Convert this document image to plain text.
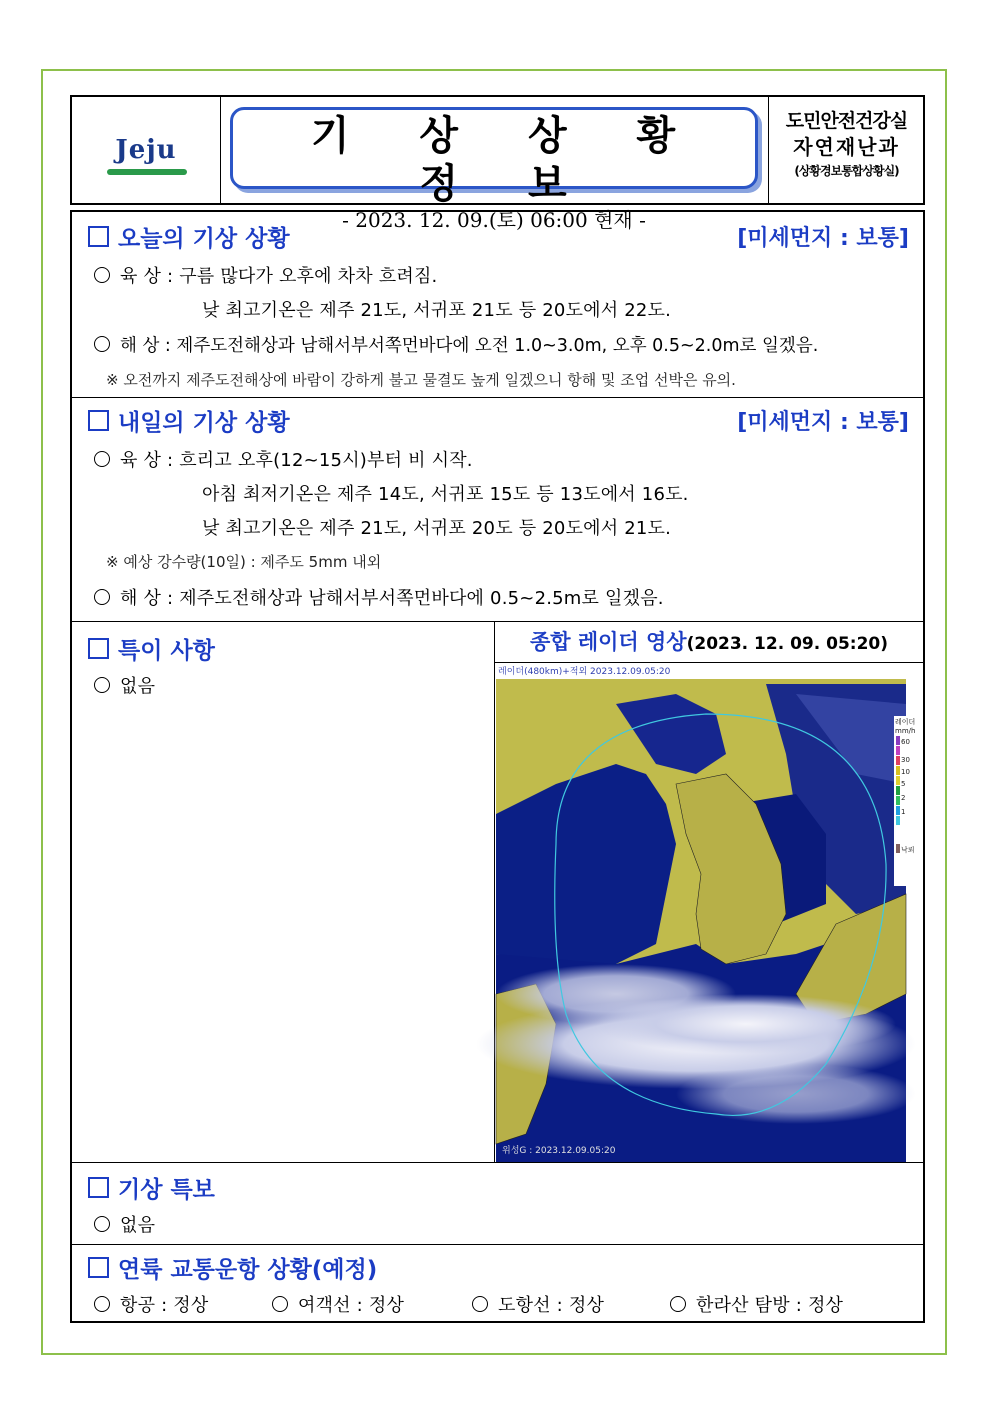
Jeju	기 상 상 황 정 보
- 2023. 12. 09.(토) 06:00 현재 -
도민안전건강실
자연재난과
(상황경보통합상황실)
오늘의 기상 상황	[미세먼지 : 보통]
육 상 : 구름 많다가 오후에 차차 흐려짐.
낮 최고기온은 제주 21도, 서귀포 21도 등 20도에서 22도.
해 상 : 제주도전해상과 남해서부서쪽먼바다에 오전 1.0~3.0m, 오후 0.5~2.0m로 일겠음.
※ 오전까지 제주도전해상에 바람이 강하게 불고 물결도 높게 일겠으니 항해 및 조업 선박은 유의.
내일의 기상 상황	[미세먼지 : 보통]
육 상 : 흐리고 오후(12~15시)부터 비 시작.
아침 최저기온은 제주 14도, 서귀포 15도 등 13도에서 16도.
낮 최고기온은 제주 21도, 서귀포 20도 등 20도에서 21도.
※ 예상 강수량(10일) : 제주도 5mm 내외
해 상 : 제주도전해상과 남해서부서쪽먼바다에 0.5~2.5m로 일겠음.
특이 사항
없음
종합 레이더 영상(2023. 12. 09. 05:20)
레이더
mm/h
60
30
10
5
2
1
낙뢰
레이더(480km)+적외 2023.12.09.05:20
위성G : 2023.12.09.05:20
기상 특보
없음
연륙 교통운항 상황(예정)
항공 : 정상	여객선 : 정상	도항선 : 정상	한라산 탐방 : 정상
